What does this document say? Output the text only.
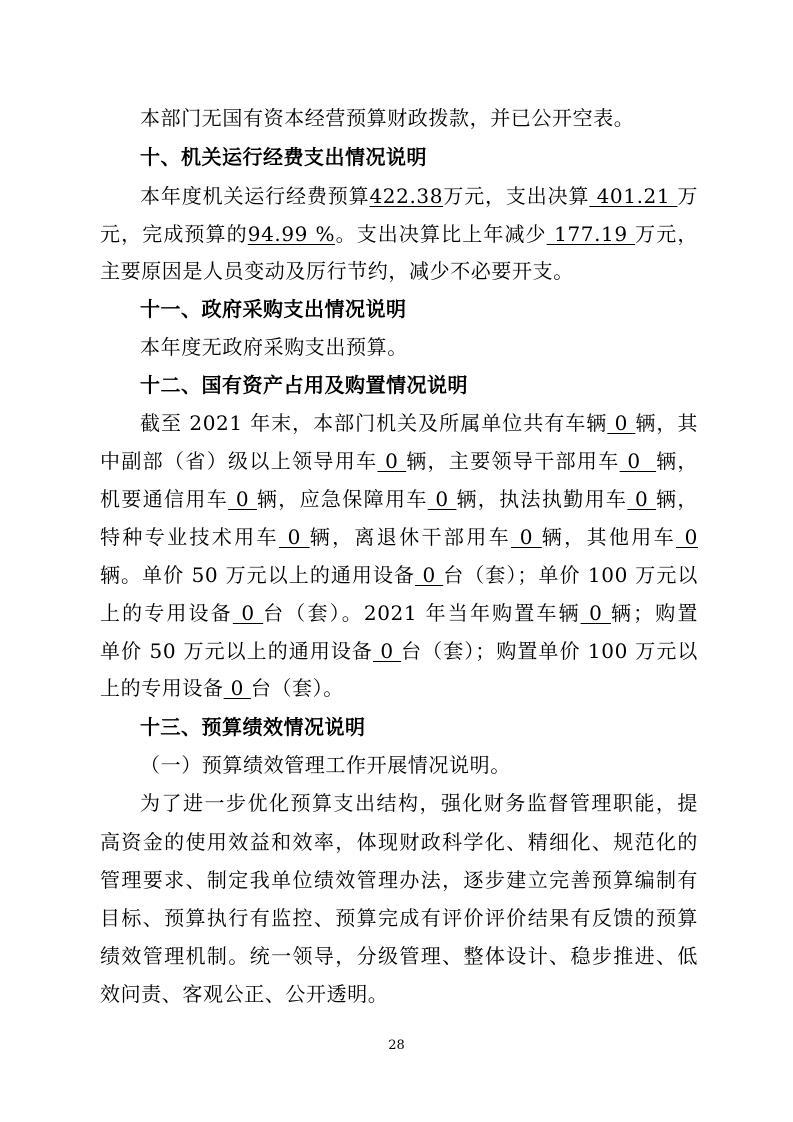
本部门无国有资本经营预算财政拨款，并已公开空表。
十、机关运行经费支出情况说明
本年度机关运行经费预算422.38万元，支出决算 401.21 万
元，完成预算的94.99 %。支出决算比上年减少 177.19 万元，
主要原因是人员变动及厉行节约，减少不必要开支。
十一、政府采购支出情况说明
本年度无政府采购支出预算。
十二、国有资产占用及购置情况说明
截至 2021 年末，本部门机关及所属单位共有车辆 0 辆，其
中副部（省）级以上领导用车 0 辆，主要领导干部用车 0  辆，
机要通信用车 0 辆，应急保障用车 0 辆，执法执勤用车 0 辆，
特种专业技术用车 0 辆，离退休干部用车 0 辆，其他用车 0
辆。单价 50 万元以上的通用设备 0 台（套）；单价 100 万元以
上的专用设备 0 台（套）。2021 年当年购置车辆 0 辆；购置
单价 50 万元以上的通用设备 0 台（套）；购置单价 100 万元以
上的专用设备 0 台（套）。
十三、预算绩效情况说明
（一）预算绩效管理工作开展情况说明。
为了进一步优化预算支出结构，强化财务监督管理职能，提
高资金的使用效益和效率，体现财政科学化、精细化、规范化的
管理要求、制定我单位绩效管理办法，逐步建立完善预算编制有
目标、预算执行有监控、预算完成有评价评价结果有反馈的预算
绩效管理机制。统一领导，分级管理、整体设计、稳步推进、低
效问责、客观公正、公开透明。
28
